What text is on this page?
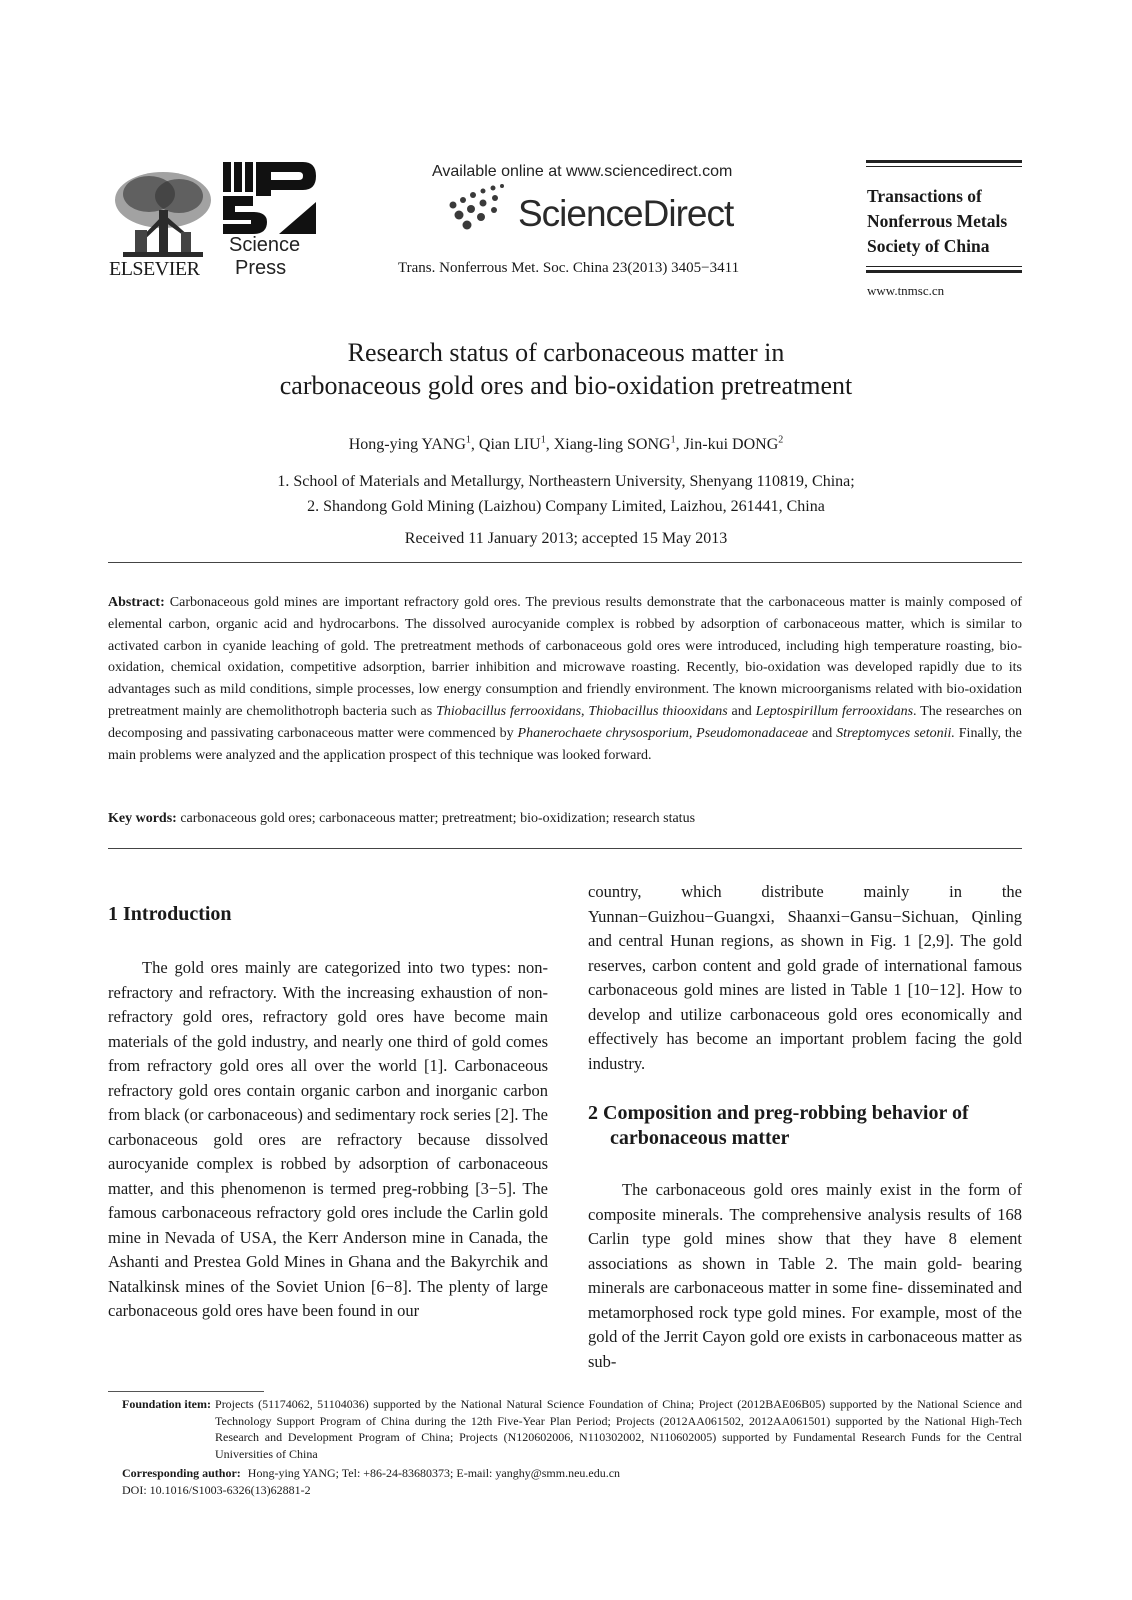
ELSEVIER
Science
Press
Available online at www.sciencedirect.com
ScienceDirect
Trans. Nonferrous Met. Soc. China 23(2013) 3405−3411
Transactions of
Nonferrous Metals
Society of China
www.tnmsc.cn
Research status of carbonaceous matter in
carbonaceous gold ores and bio-oxidation pretreatment
Hong-ying YANG$^1$, Qian LIU$^1$, Xiang-ling SONG$^1$, Jin-kui DONG$^2$
1. School of Materials and Metallurgy, Northeastern University, Shenyang 110819, China;
2. Shandong Gold Mining (Laizhou) Company Limited, Laizhou, 261441, China
Received 11 January 2013; accepted 15 May 2013
Abstract: Carbonaceous gold mines are important refractory gold ores. The previous results demonstrate that the carbonaceous matter is mainly composed of elemental carbon, organic acid and hydrocarbons. The dissolved aurocyanide complex is robbed by adsorption of carbonaceous matter, which is similar to activated carbon in cyanide leaching of gold. The pretreatment methods of carbonaceous gold ores were introduced, including high temperature roasting, bio-oxidation, chemical oxidation, competitive adsorption, barrier inhibition and microwave roasting. Recently, bio-oxidation was developed rapidly due to its advantages such as mild conditions, simple processes, low energy consumption and friendly environment. The known microorganisms related with bio-oxidation pretreatment mainly are chemolithotroph bacteria such as Thiobacillus ferrooxidans, Thiobacillus thiooxidans and Leptospirillum ferrooxidans. The researches on decomposing and passivating carbonaceous matter were commenced by Phanerochaete chrysosporium, Pseudomonadaceae and Streptomyces setonii. Finally, the main problems were analyzed and the application prospect of this technique was looked forward.
Key words: carbonaceous gold ores; carbonaceous matter; pretreatment; bio-oxidization; research status
1 Introduction

The gold ores mainly are categorized into two types: non-refractory and refractory. With the increasing exhaustion of non-refractory gold ores, refractory gold ores have become main materials of the gold industry, and nearly one third of gold comes from refractory gold ores all over the world [1]. Carbonaceous refractory gold ores contain organic carbon and inorganic carbon from black (or carbonaceous) and sedimentary rock series [2]. The carbonaceous gold ores are refractory because dissolved aurocyanide complex is robbed by adsorption of carbonaceous matter, and this phenomenon is termed preg-robbing [3−5]. The famous carbonaceous refractory gold ores include the Carlin gold mine in Nevada of USA, the Kerr Anderson mine in Canada, the Ashanti and Prestea Gold Mines in Ghana and the Bakyrchik and Natalkinsk mines of the Soviet Union [6−8]. The plenty of large carbonaceous gold ores have been found in our

country, which distribute mainly in the Yunnan−Guizhou−Guangxi, Shaanxi−Gansu−Sichuan, Qinling and central Hunan regions, as shown in Fig. 1 [2,9]. The gold reserves, carbon content and gold grade of international famous carbonaceous gold mines are listed in Table 1 [10−12]. How to develop and utilize carbonaceous gold ores economically and effectively has become an important problem facing the gold industry.

2 Composition and preg-robbing behavior of
carbonaceous matter

The carbonaceous gold ores mainly exist in the form of composite minerals. The comprehensive analysis results of 168 Carlin type gold mines show that they have 8 element associations as shown in Table 2. The main gold- bearing minerals are carbonaceous matter in some fine- disseminated and metamorphosed rock type gold mines. For example, most of the gold of the Jerrit Cayon gold ore exists in carbonaceous matter as sub-

Foundation item: Projects (51174062, 51104036) supported by the National Natural Science Foundation of China; Project (2012BAE06B05) supported by the National Science and Technology Support Program of China during the 12th Five-Year Plan Period; Projects (2012AA061502, 2012AA061501) supported by the National High-Tech Research and Development Program of China; Projects (N120602006, N110302002, N110602005) supported by Fundamental Research Funds for the Central Universities of China
Corresponding author: Hong-ying YANG; Tel: +86-24-83680373; E-mail: yanghy@smm.neu.edu.cn
DOI: 10.1016/S1003-6326(13)62881-2
